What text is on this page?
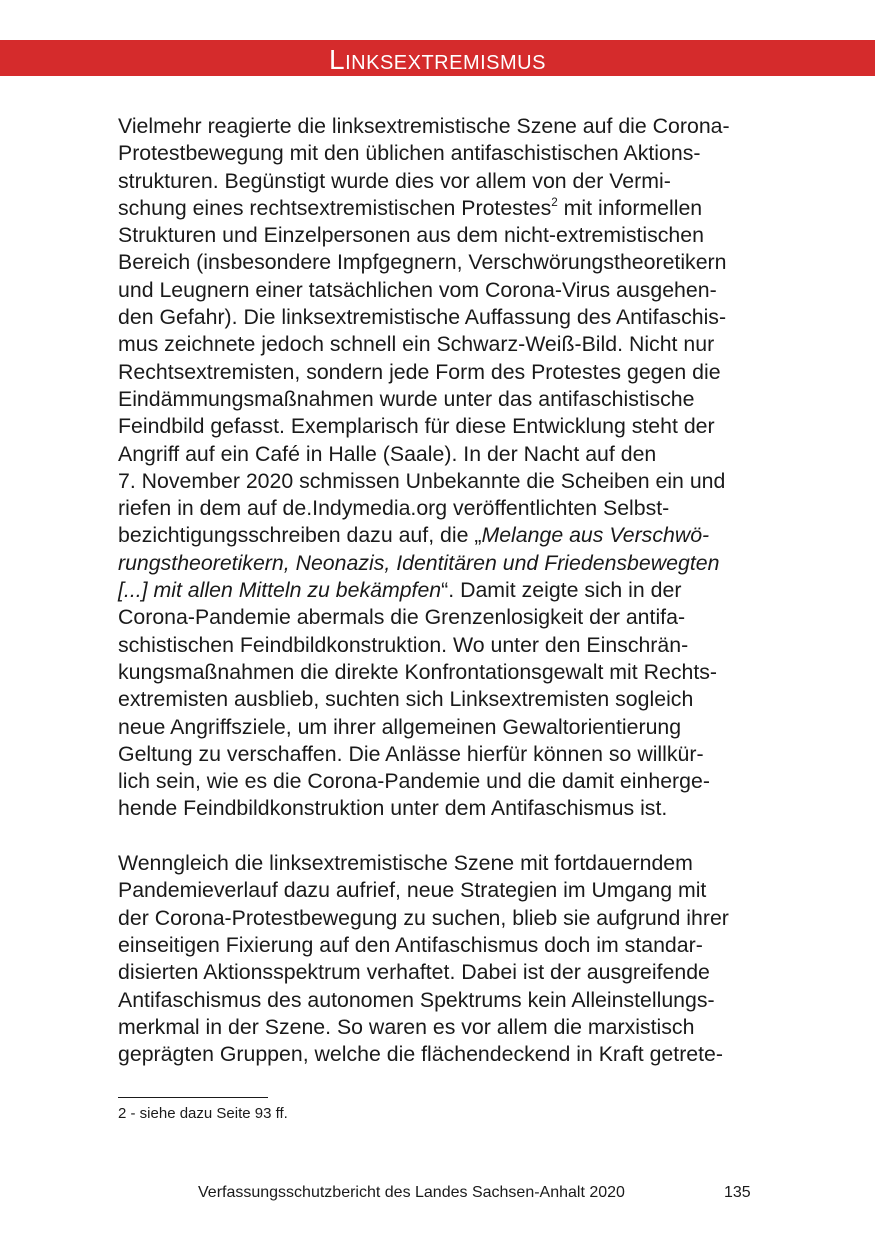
Linksextremismus
Vielmehr reagierte die linksextremistische Szene auf die Corona-
Protestbewegung mit den üblichen antifaschistischen Aktions-
strukturen. Begünstigt wurde dies vor allem von der Vermi-
schung eines rechtsextremistischen Protestes$^2$ mit informellen
Strukturen und Einzelpersonen aus dem nicht-extremistischen
Bereich (insbesondere Impfgegnern, Verschwörungstheoretikern
und Leugnern einer tatsächlichen vom Corona-Virus ausgehen-
den Gefahr). Die linksextremistische Auffassung des Antifaschis-
mus zeichnete jedoch schnell ein Schwarz-Weiß-Bild. Nicht nur
Rechtsextremisten, sondern jede Form des Protestes gegen die
Eindämmungsmaßnahmen wurde unter das antifaschistische
Feindbild gefasst. Exemplarisch für diese Entwicklung steht der
Angriff auf ein Café in Halle (Saale). In der Nacht auf den
7. November 2020 schmissen Unbekannte die Scheiben ein und
riefen in dem auf de.Indymedia.org veröffentlichten Selbst-
bezichtigungsschreiben dazu auf, die „Melange aus Verschwö-
rungstheoretikern, Neonazis, Identitären und Friedensbewegten
[...] mit allen Mitteln zu bekämpfen“. Damit zeigte sich in der
Corona-Pandemie abermals die Grenzenlosigkeit der antifa-
schistischen Feindbildkonstruktion. Wo unter den Einschrän-
kungsmaßnahmen die direkte Konfrontationsgewalt mit Rechts-
extremisten ausblieb, suchten sich Linksextremisten sogleich
neue Angriffsziele, um ihrer allgemeinen Gewaltorientierung
Geltung zu verschaffen. Die Anlässe hierfür können so willkür-
lich sein, wie es die Corona-Pandemie und die damit einherge-
hende Feindbildkonstruktion unter dem Antifaschismus ist.
Wenngleich die linksextremistische Szene mit fortdauerndem
Pandemieverlauf dazu aufrief, neue Strategien im Umgang mit
der Corona-Protestbewegung zu suchen, blieb sie aufgrund ihrer
einseitigen Fixierung auf den Antifaschismus doch im standar-
disierten Aktionsspektrum verhaftet. Dabei ist der ausgreifende
Antifaschismus des autonomen Spektrums kein Alleinstellungs-
merkmal in der Szene. So waren es vor allem die marxistisch
geprägten Gruppen, welche die flächendeckend in Kraft getrete-
2 - siehe dazu Seite 93 ff.
Verfassungsschutzbericht des Landes Sachsen-Anhalt 2020	135
